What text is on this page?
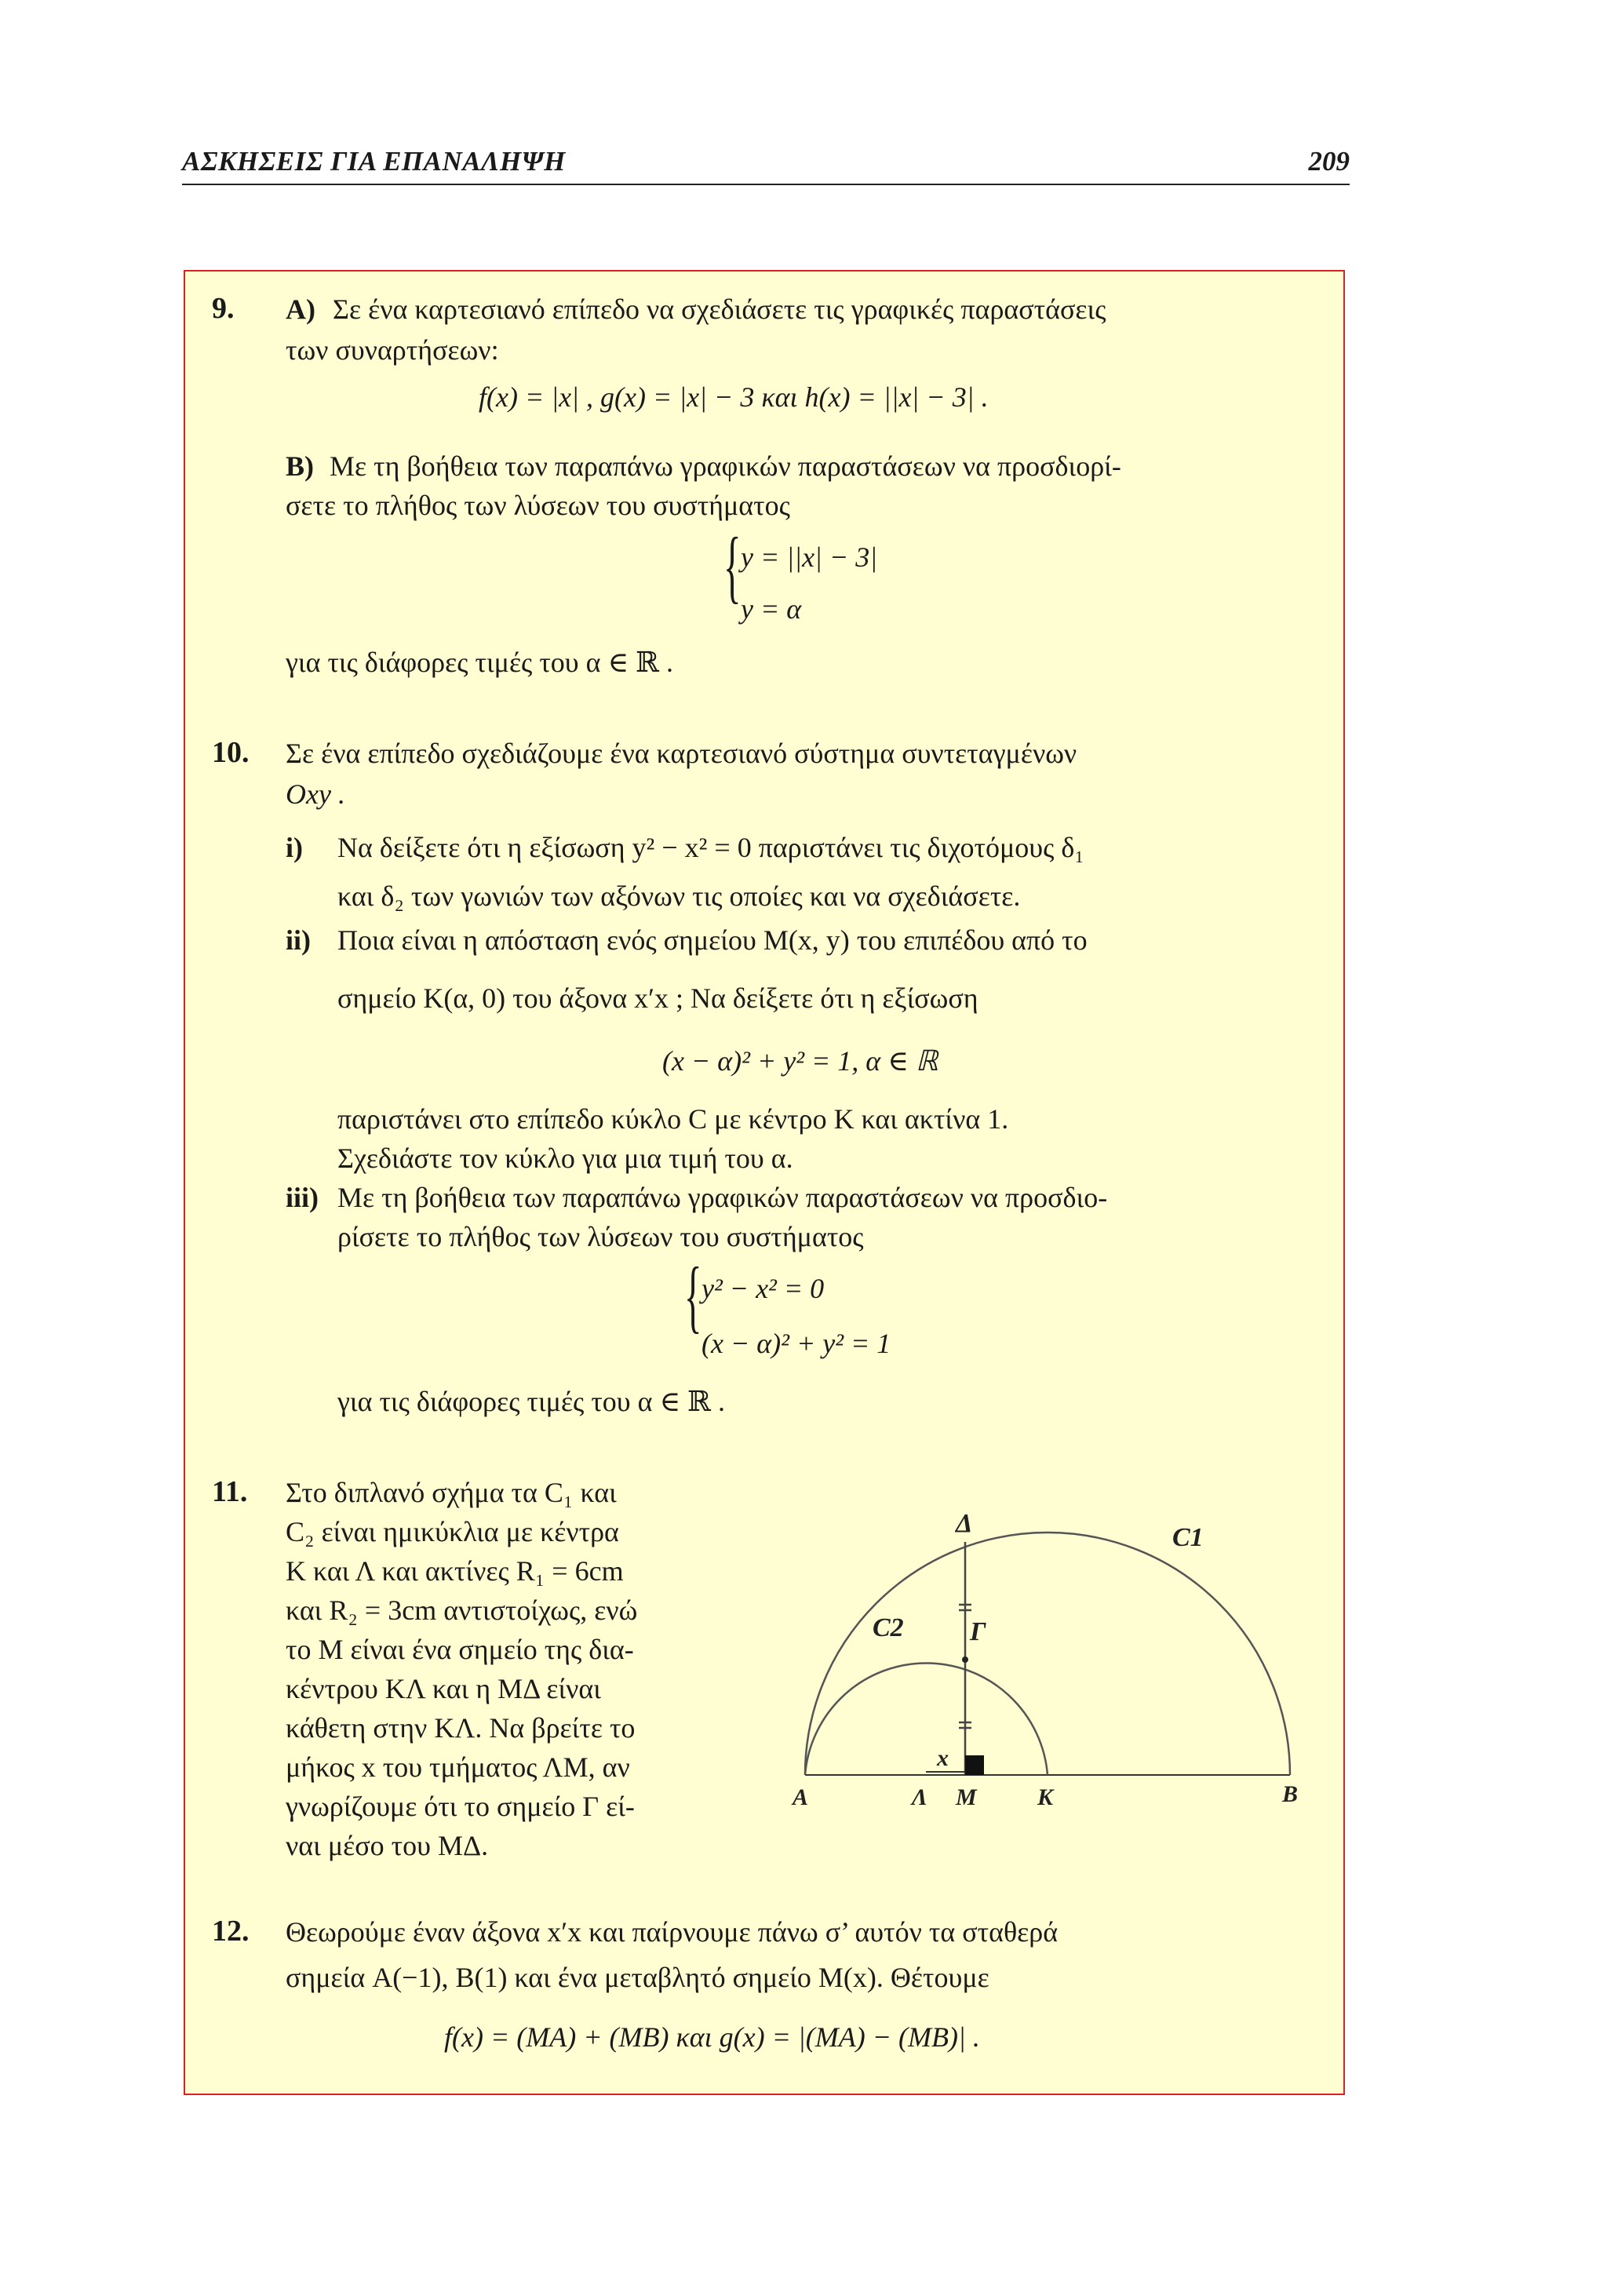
ΑΣΚΗΣΕΙΣ ΓΙΑ ΕΠΑΝΑΛΗΨΗ	209
9. Α) Σε ένα καρτεσιανό επίπεδο να σχεδιάσετε τις γραφικές παραστάσεις
των συναρτήσεων:
f(x) = |x| , g(x) = |x| − 3 και h(x) = ||x| − 3| .
Β) Με τη βοήθεια των παραπάνω γραφικών παραστάσεων να προσδιορί-
σετε το πλήθος των λύσεων του συστήματος
{ y = ||x| − 3|
y = α
για τις διάφορες τιμές του α ∈ ℝ .
10. Σε ένα επίπεδο σχεδιάζουμε ένα καρτεσιανό σύστημα συντεταγμένων
Oxy .
i) Να δείξετε ότι η εξίσωση y² − x² = 0 παριστάνει τις διχοτόμους δ₁
και δ₂ των γωνιών των αξόνων τις οποίες και να σχεδιάσετε.
ii) Ποια είναι η απόσταση ενός σημείου M(x, y) του επιπέδου από το
σημείο K(α, 0) του άξονα x′x ; Να δείξετε ότι η εξίσωση
(x − α)² + y² = 1, α ∈ ℝ
παριστάνει στο επίπεδο κύκλο C με κέντρο K και ακτίνα 1.
Σχεδιάστε τον κύκλο για μια τιμή του α.
iii) Με τη βοήθεια των παραπάνω γραφικών παραστάσεων να προσδιο-
ρίσετε το πλήθος των λύσεων του συστήματος
{ y² − x² = 0
(x − α)² + y² = 1
για τις διάφορες τιμές του α ∈ ℝ .
11. Στο διπλανό σχήμα τα C₁ και
C₂ είναι ημικύκλια με κέντρα
K και Λ και ακτίνες R₁ = 6cm
και R₂ = 3cm αντιστοίχως, ενώ
το M είναι ένα σημείο της δια-
κέντρου KΛ και η MΔ είναι
κάθετη στην KΛ. Να βρείτε το
μήκος x του τμήματος ΛM, αν
γνωρίζουμε ότι το σημείο Γ εί-
ναι μέσο του MΔ.
Δ
Γ
C1
C2
x
A	Λ M	K	B
12. Θεωρούμε έναν άξονα x′x και παίρνουμε πάνω σ’ αυτόν τα σταθερά
σημεία A(−1), B(1) και ένα μεταβλητό σημείο M(x). Θέτουμε
f(x) = (MA) + (MB) και g(x) = |(MA) − (MB)| .
